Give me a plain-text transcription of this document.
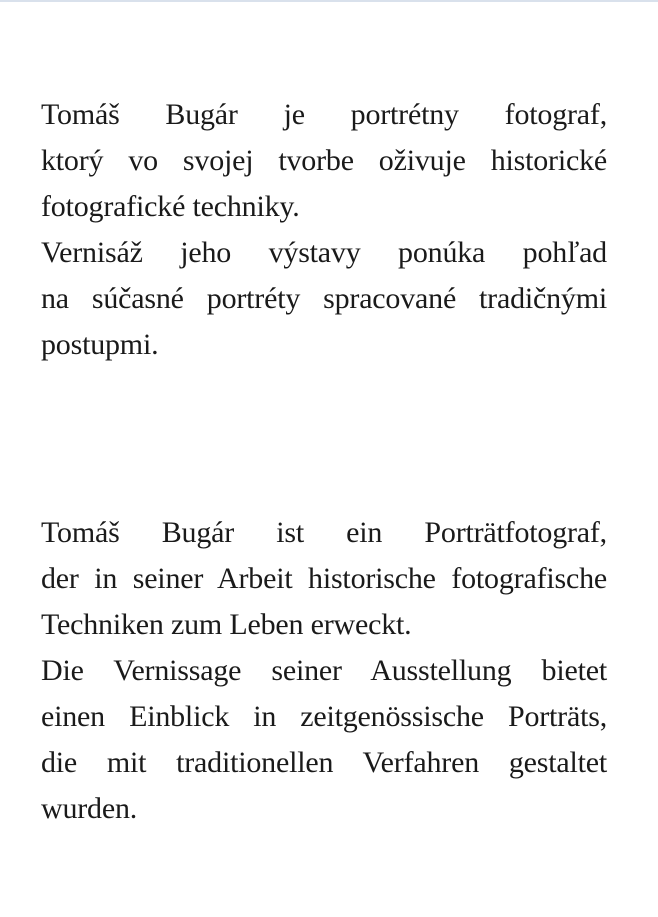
Tomáš Bugár je portrétny fotograf,
ktorý vo svojej tvorbe oživuje historické
fotografické techniky.

Vernisáž jeho výstavy ponúka pohľad
na súčasné portréty spracované tradičnými
postupmi.

Tomáš Bugár ist ein Porträtfotograf,
der in seiner Arbeit historische fotografische
Techniken zum Leben erweckt.

Die Vernissage seiner Ausstellung bietet
einen Einblick in zeitgenössische Porträts,
die mit traditionellen Verfahren gestaltet
wurden.
